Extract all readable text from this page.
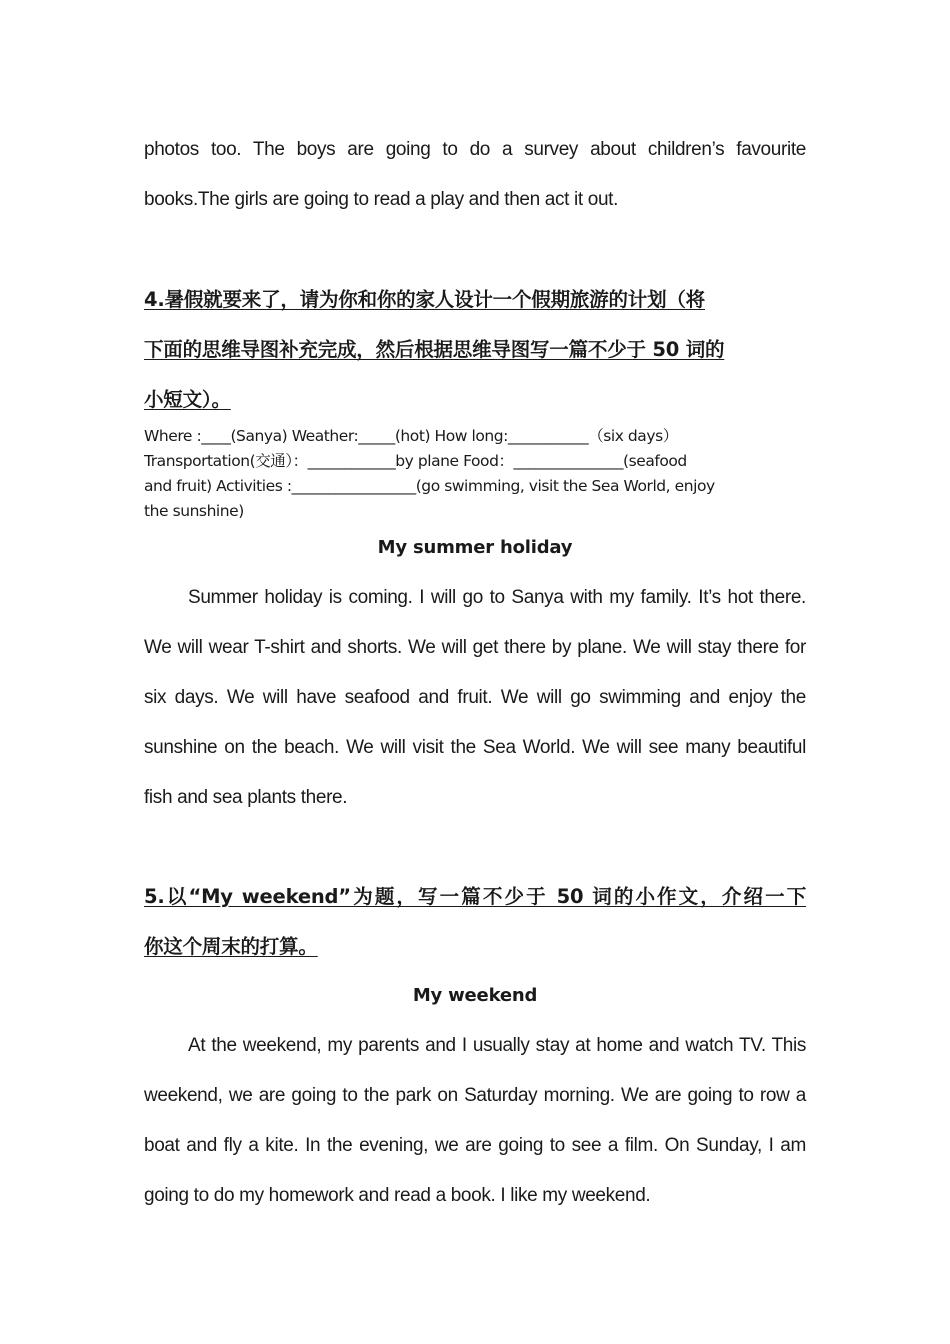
photos too. The boys are going to do a survey about children’s favourite
books.The girls are going to read a play and then act it out.
4.暑假就要来了，请为你和你的家人设计一个假期旅游的计划（将
下面的思维导图补充完成，然后根据思维导图写一篇不少于 50 词的
小短文）。
Where :____(Sanya) Weather:_____(hot) How long:___________（six days）
Transportation(交通）：____________by plane Food：_______________(seafood
and fruit) Activities :_________________(go swimming, visit the Sea World, enjoy
the sunshine)
My summer holiday
Summer holiday is coming. I will go to Sanya with my family. It’s hot there.
We will wear T-shirt and shorts. We will get there by plane. We will stay there for
six days. We will have seafood and fruit. We will go swimming and enjoy the
sunshine on the beach. We will visit the Sea World. We will see many beautiful
fish and sea plants there.
5.以“My weekend”为题，写一篇不少于 50 词的小作文，介绍一下
你这个周末的打算。
My weekend
At the weekend, my parents and I usually stay at home and watch TV. This
weekend, we are going to the park on Saturday morning. We are going to row a
boat and fly a kite. In the evening, we are going to see a film. On Sunday, I am
going to do my homework and read a book. I like my weekend.
